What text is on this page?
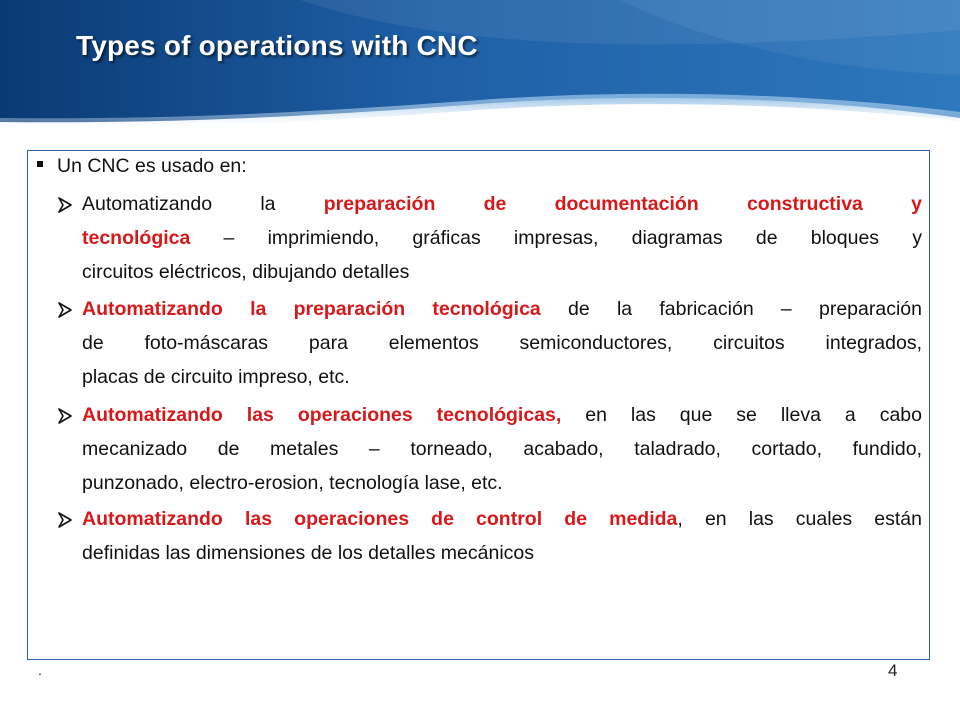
Types of operations with CNC
Un CNC es usado en:
Automatizando la preparación de documentación constructiva y
tecnológica – imprimiendo, gráficas impresas, diagramas de bloques y
circuitos eléctricos, dibujando detalles
Automatizando la preparación tecnológica de la fabricación – preparación
de foto-máscaras para elementos semiconductores, circuitos integrados,
placas de circuito impreso, etc.
Automatizando las operaciones tecnológicas, en las que se lleva a cabo
mecanizado de metales – torneado, acabado, taladrado, cortado, fundido,
punzonado, electro-erosion, tecnología lase, etc.
Automatizando las operaciones de control de medida, en las cuales están
definidas las dimensiones de los detalles mecánicos
.	4
